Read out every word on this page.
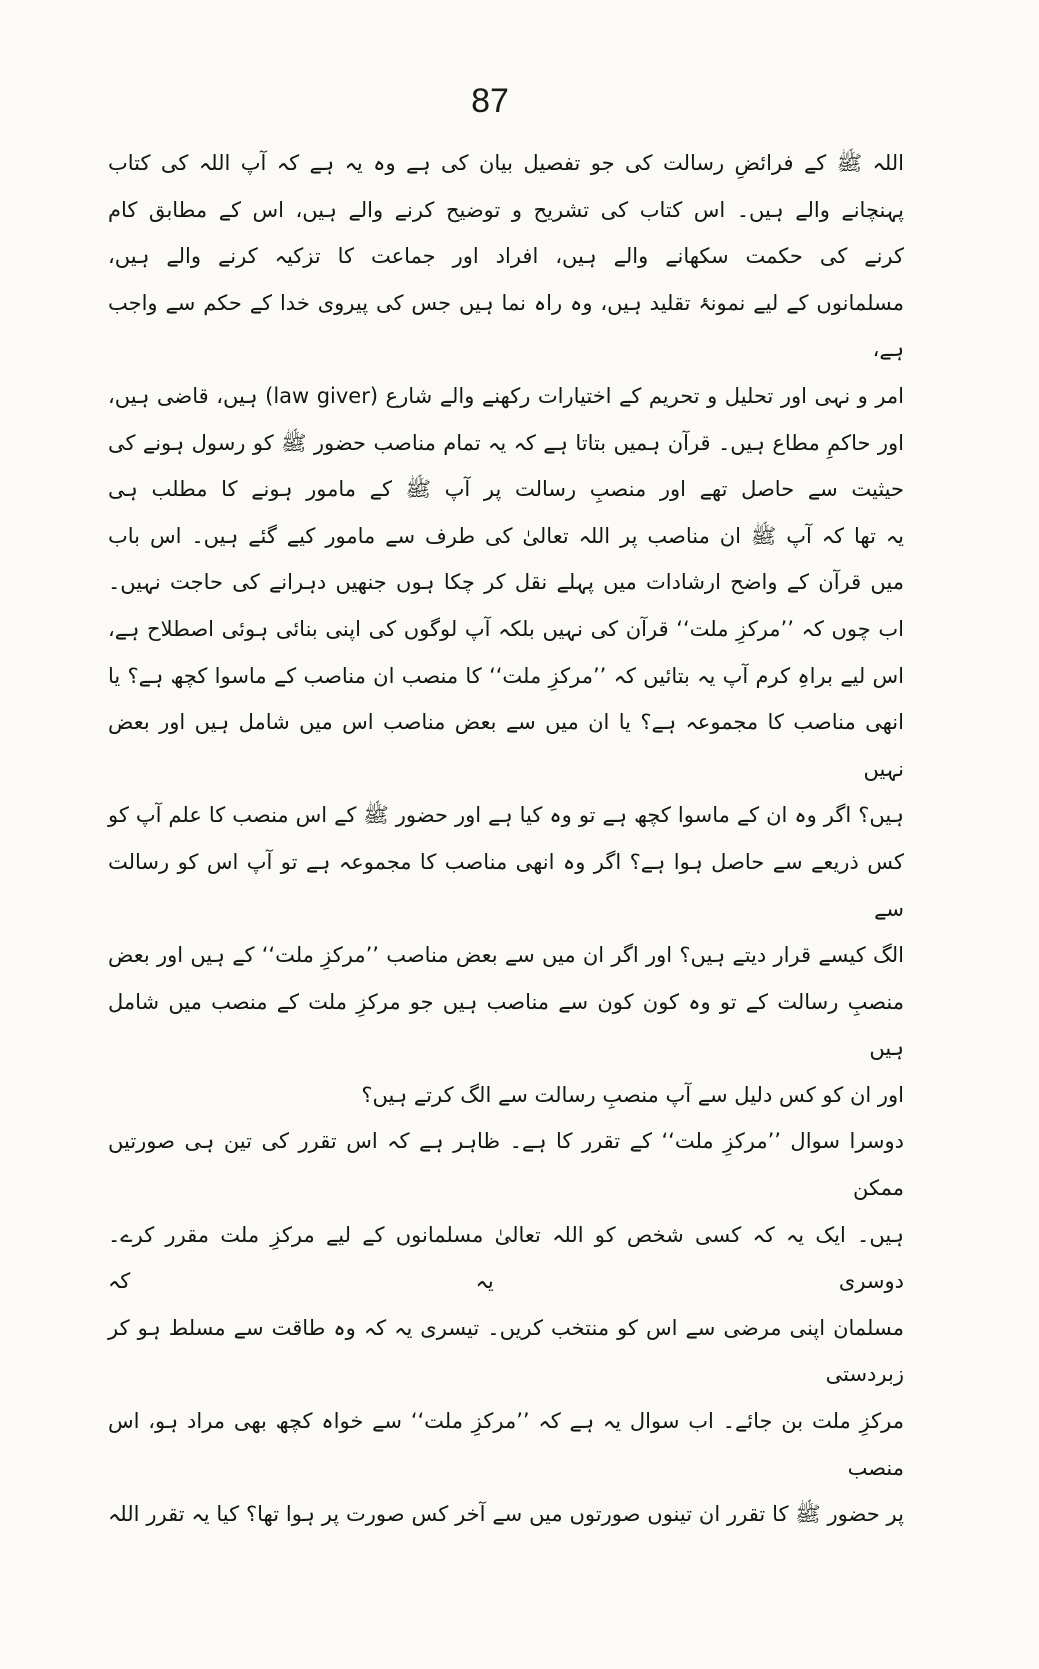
87
اللہ ﷺ کے فرائضِ رسالت کی جو تفصیل بیان کی ہے وہ یہ ہے کہ آپ اللہ کی کتاب
پہنچانے والے ہیں۔ اس کتاب کی تشریح و توضیح کرنے والے ہیں، اس کے مطابق کام
کرنے کی حکمت سکھانے والے ہیں، افراد اور جماعت کا تزکیہ کرنے والے ہیں،
مسلمانوں کے لیے نمونۂ تقلید ہیں، وہ راہ نما ہیں جس کی پیروی خدا کے حکم سے واجب ہے،
امر و نہی اور تحلیل و تحریم کے اختیارات رکھنے والے شارع (law giver) ہیں، قاضی ہیں،
اور حاکمِ مطاع ہیں۔ قرآن ہمیں بتاتا ہے کہ یہ تمام مناصب حضور ﷺ کو رسول ہونے کی
حیثیت سے حاصل تھے اور منصبِ رسالت پر آپ ﷺ کے مامور ہونے کا مطلب ہی
یہ تھا کہ آپ ﷺ ان مناصب پر اللہ تعالیٰ کی طرف سے مامور کیے گئے ہیں۔ اس باب
میں قرآن کے واضح ارشادات میں پہلے نقل کر چکا ہوں جنھیں دہرانے کی حاجت نہیں۔
اب چوں کہ ’’مرکزِ ملت‘‘ قرآن کی نہیں بلکہ آپ لوگوں کی اپنی بنائی ہوئی اصطلاح ہے،
اس لیے براہِ کرم آپ یہ بتائیں کہ ’’مرکزِ ملت‘‘ کا منصب ان مناصب کے ماسوا کچھ ہے؟ یا
انھی مناصب کا مجموعہ ہے؟ یا ان میں سے بعض مناصب اس میں شامل ہیں اور بعض نہیں
ہیں؟ اگر وہ ان کے ماسوا کچھ ہے تو وہ کیا ہے اور حضور ﷺ کے اس منصب کا علم آپ کو
کس ذریعے سے حاصل ہوا ہے؟ اگر وہ انھی مناصب کا مجموعہ ہے تو آپ اس کو رسالت سے
الگ کیسے قرار دیتے ہیں؟ اور اگر ان میں سے بعض مناصب ’’مرکزِ ملت‘‘ کے ہیں اور بعض
منصبِ رسالت کے تو وہ کون کون سے مناصب ہیں جو مرکزِ ملت کے منصب میں شامل ہیں
اور ان کو کس دلیل سے آپ منصبِ رسالت سے الگ کرتے ہیں؟
دوسرا سوال ’’مرکزِ ملت‘‘ کے تقرر کا ہے۔ ظاہر ہے کہ اس تقرر کی تین ہی صورتیں ممکن
ہیں۔ ایک یہ کہ کسی شخص کو اللہ تعالیٰ مسلمانوں کے لیے مرکزِ ملت مقرر کرے۔ دوسری یہ کہ
مسلمان اپنی مرضی سے اس کو منتخب کریں۔ تیسری یہ کہ وہ طاقت سے مسلط ہو کر زبردستی
مرکزِ ملت بن جائے۔ اب سوال یہ ہے کہ ’’مرکزِ ملت‘‘ سے خواہ کچھ بھی مراد ہو، اس منصب
پر حضور ﷺ کا تقرر ان تینوں صورتوں میں سے آخر کس صورت پر ہوا تھا؟ کیا یہ تقرر اللہ
